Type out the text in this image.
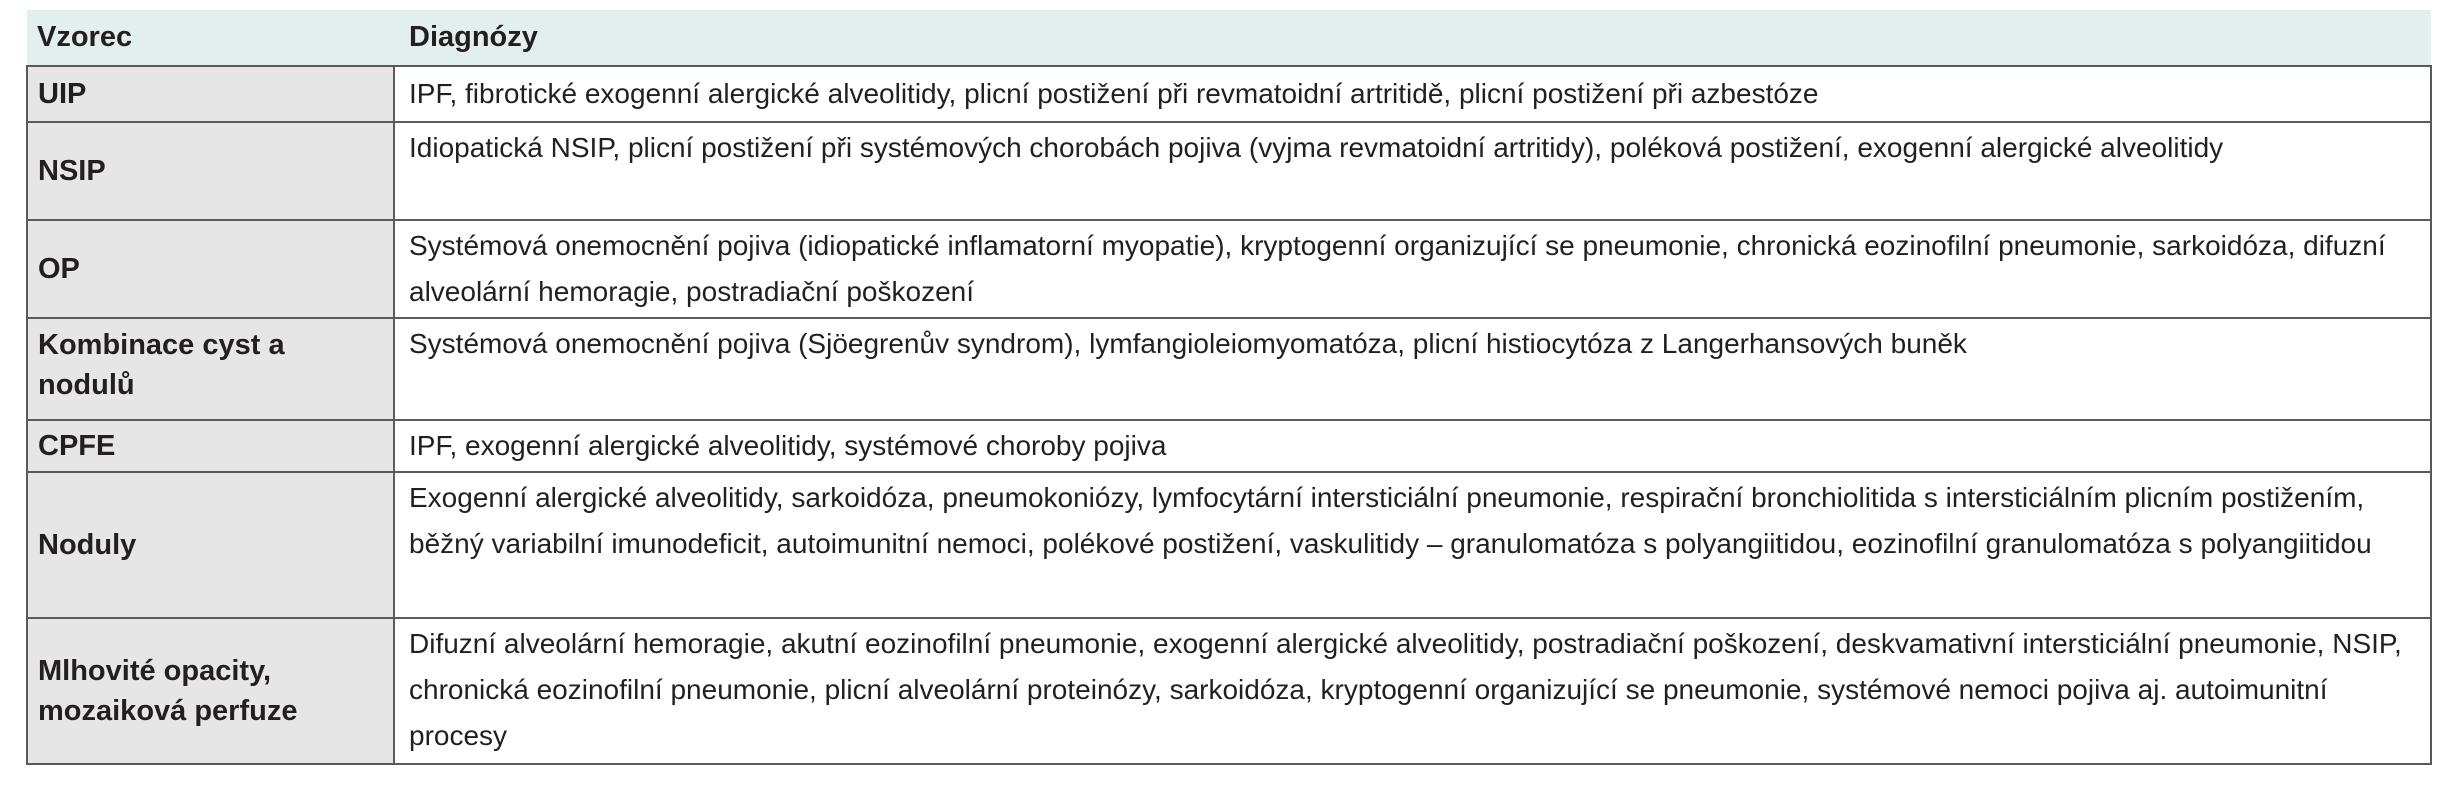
Vzorec	Diagnózy
UIP	IPF, fibrotické exogenní alergické alveolitidy, plicní postižení při revmatoidní artritidě, plicní postižení při azbestóze
NSIP	Idiopatická NSIP, plicní postižení při systémových chorobách pojiva (vyjma revmatoidní artritidy), poléková postižení, exogenní alergické alveolitidy
OP	Systémová onemocnění pojiva (idiopatické inflamatorní myopatie), kryptogenní organizující se pneumonie, chronická eozinofilní pneumonie, sarkoidóza, difuzní alveolární hemoragie, postradiační poškození
Kombinace cyst a nodulů	Systémová onemocnění pojiva (Sjöegrenův syndrom), lymfangioleiomyomatóza, plicní histiocytóza z Langerhansových buněk
CPFE	IPF, exogenní alergické alveolitidy, systémové choroby pojiva
Noduly	Exogenní alergické alveolitidy, sarkoidóza, pneumokoniózy, lymfocytární intersticiální pneumonie, respirační bronchiolitida s intersticiálním plicním postižením, běžný variabilní imunodeficit, autoimunitní nemoci, polékové postižení, vaskulitidy – granulomatóza s polyangiitidou, eozinofilní granulomatóza s polyangiitidou
Mlhovité opacity, mozaiková perfuze	Difuzní alveolární hemoragie, akutní eozinofilní pneumonie, exogenní alergické alveolitidy, postradiační poškození, deskvamativní intersticiální pneumonie, NSIP, chronická eozinofilní pneumonie, plicní alveolární proteinózy, sarkoidóza, kryptogenní organizující se pneumonie, systémové nemoci pojiva aj. autoimunitní procesy
